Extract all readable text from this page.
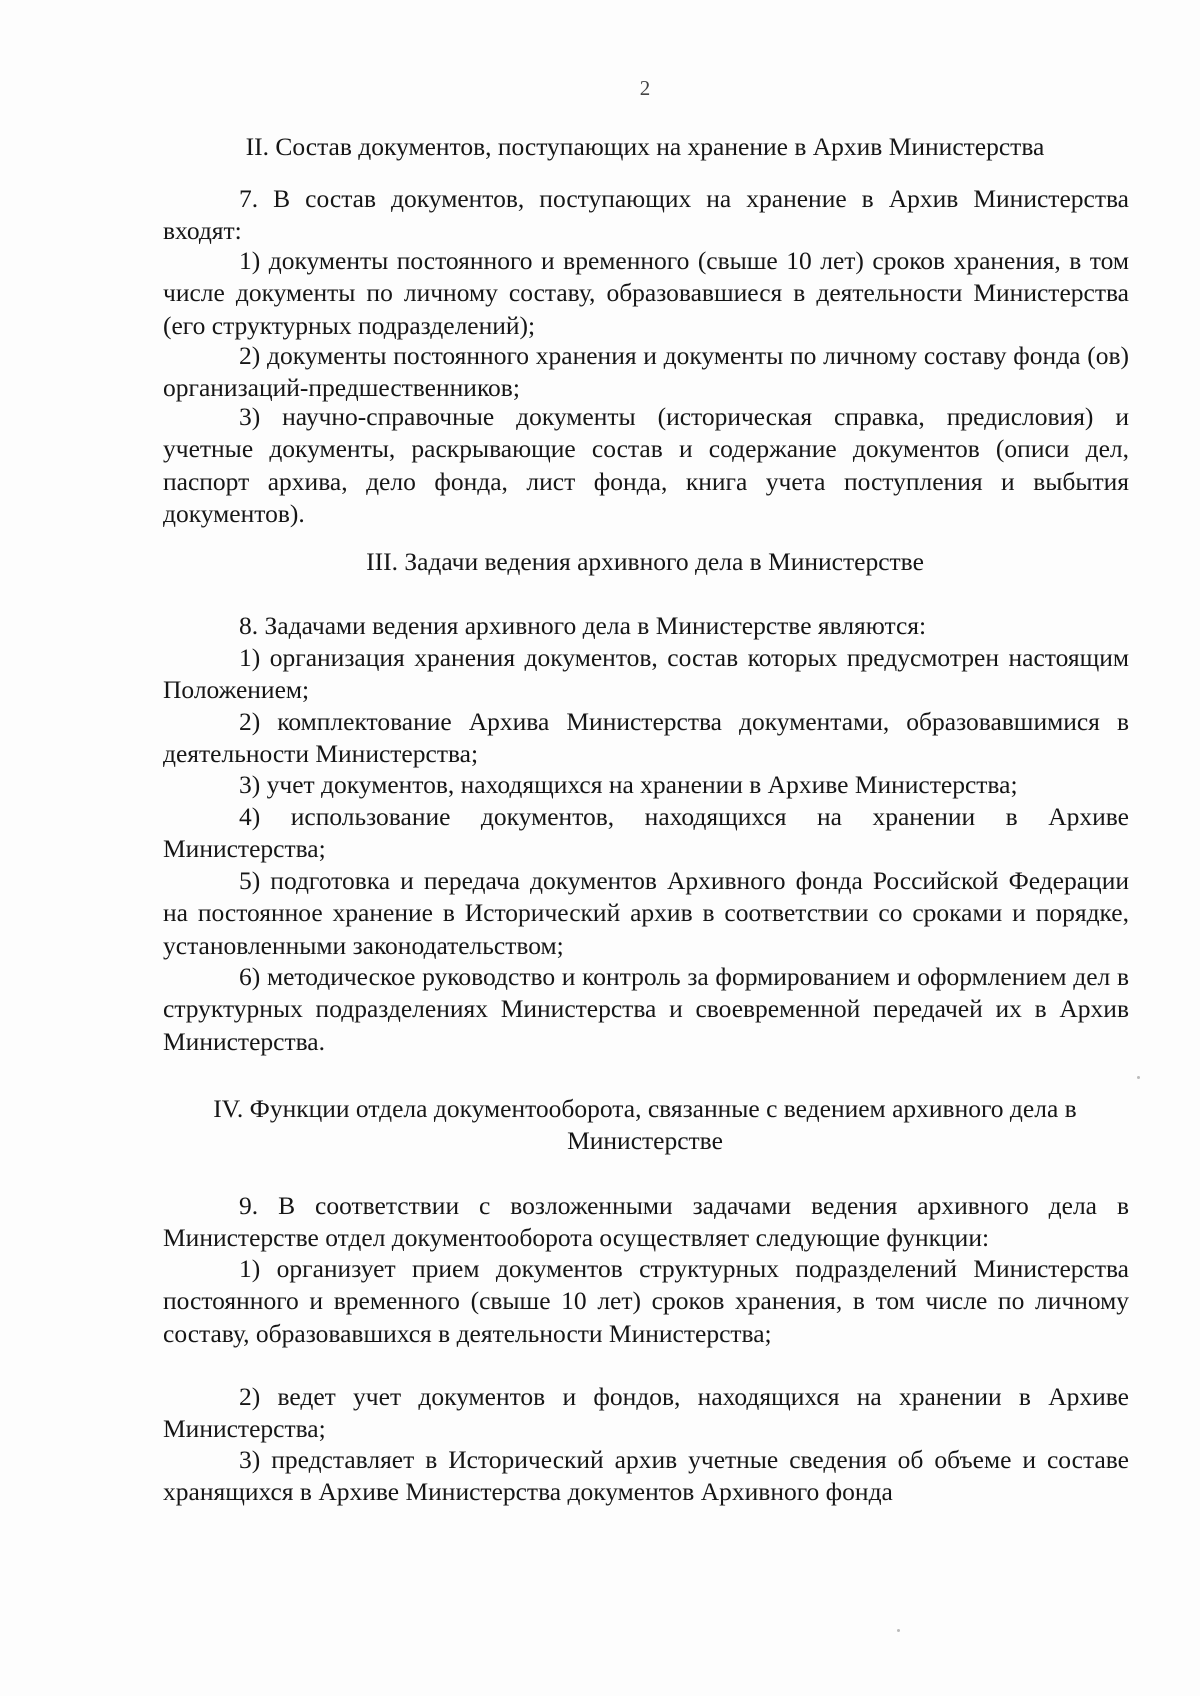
2
II. Состав документов, поступающих на хранение в Архив Министерства

7. В состав документов, поступающих на хранение в Архив Министерства входят:

1) документы постоянного и временного (свыше 10 лет) сроков хранения, в том числе документы по личному составу, образовавшиеся в деятельности Министерства (его структурных подразделений);

2) документы постоянного хранения и документы по личному составу фонда (ов) организаций-предшественников;

3) научно-справочные документы (историческая справка, предисловия) и учетные документы, раскрывающие состав и содержание документов (описи дел, паспорт архива, дело фонда, лист фонда, книга учета поступления и выбытия документов).

III. Задачи ведения архивного дела в Министерстве

8. Задачами ведения архивного дела в Министерстве являются:

1) организация хранения документов, состав которых предусмотрен настоящим Положением;

2) комплектование Архива Министерства документами, образовавшимися в деятельности Министерства;

3) учет документов, находящихся на хранении в Архиве Министерства;

4) использование документов, находящихся на хранении в Архиве Министерства;

5) подготовка и передача документов Архивного фонда Российской Федерации на постоянное хранение в Исторический архив в соответствии со сроками и порядке, установленными законодательством;

6) методическое руководство и контроль за формированием и оформлением дел в структурных подразделениях Министерства и своевременной передачей их в Архив Министерства.

IV. Функции отдела документооборота, связанные с ведением архивного дела в Министерстве

9. В соответствии с возложенными задачами ведения архивного дела в Министерстве отдел документооборота осуществляет следующие функции:

1) организует прием документов структурных подразделений Министерства постоянного и временного (свыше 10 лет) сроков хранения, в том числе по личному составу, образовавшихся в деятельности Министерства;

2) ведет учет документов и фондов, находящихся на хранении в Архиве Министерства;

3) представляет в Исторический архив учетные сведения об объеме и составе хранящихся в Архиве Министерства документов Архивного фонда
